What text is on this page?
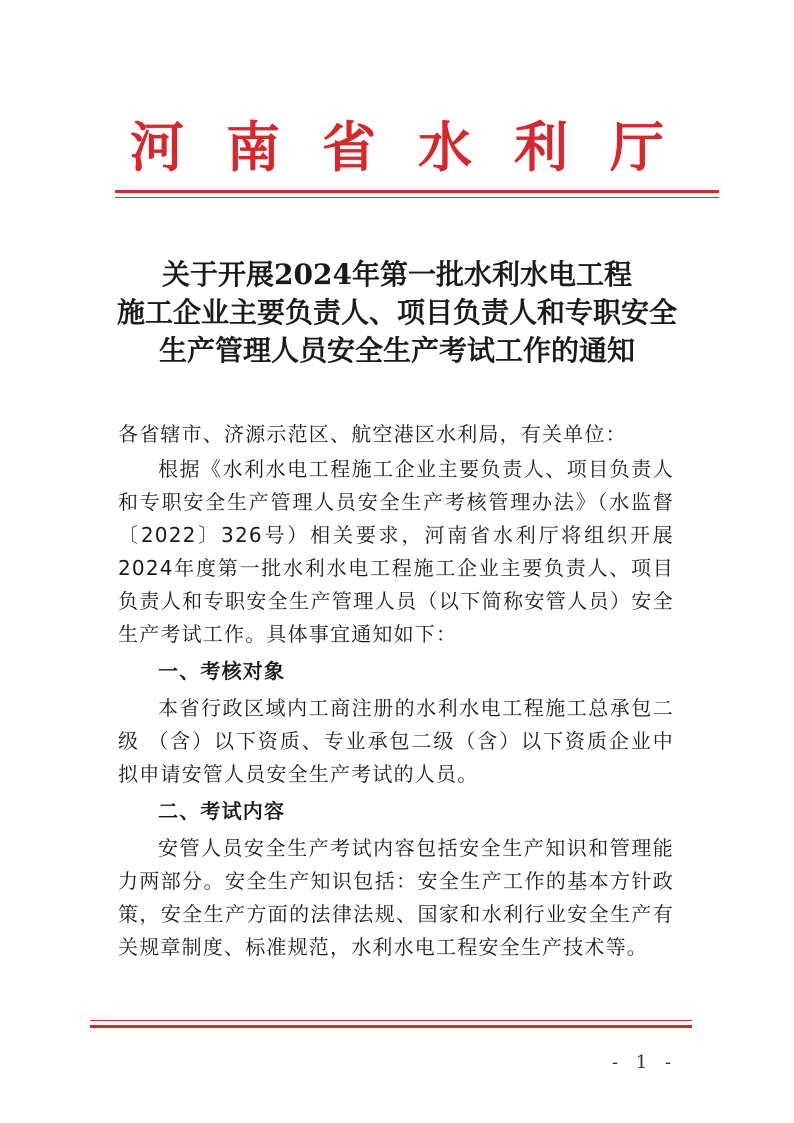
河南省水利厅
关于开展2024年第一批水利水电工程
施工企业主要负责人、项目负责人和专职安全
生产管理人员安全生产考试工作的通知

各省辖市、济源示范区、航空港区水利局，有关单位：

根据《水利水电工程施工企业主要负责人、项目负责人和专职安全生产管理人员安全生产考核管理办法》（水监督〔2022〕326号）相关要求，河南省水利厅将组织开展2024年度第一批水利水电工程施工企业主要负责人、项目负责人和专职安全生产管理人员（以下简称安管人员）安全生产考试工作。具体事宜通知如下：

一、考核对象

本省行政区域内工商注册的水利水电工程施工总承包二级 （含）以下资质、专业承包二级（含）以下资质企业中拟申请安管人员安全生产考试的人员。

二、考试内容

安管人员安全生产考试内容包括安全生产知识和管理能力两部分。安全生产知识包括：安全生产工作的基本方针政策，安全生产方面的法律法规、国家和水利行业安全生产有关规章制度、标准规范，水利水电工程安全生产技术等。

- 1 -
